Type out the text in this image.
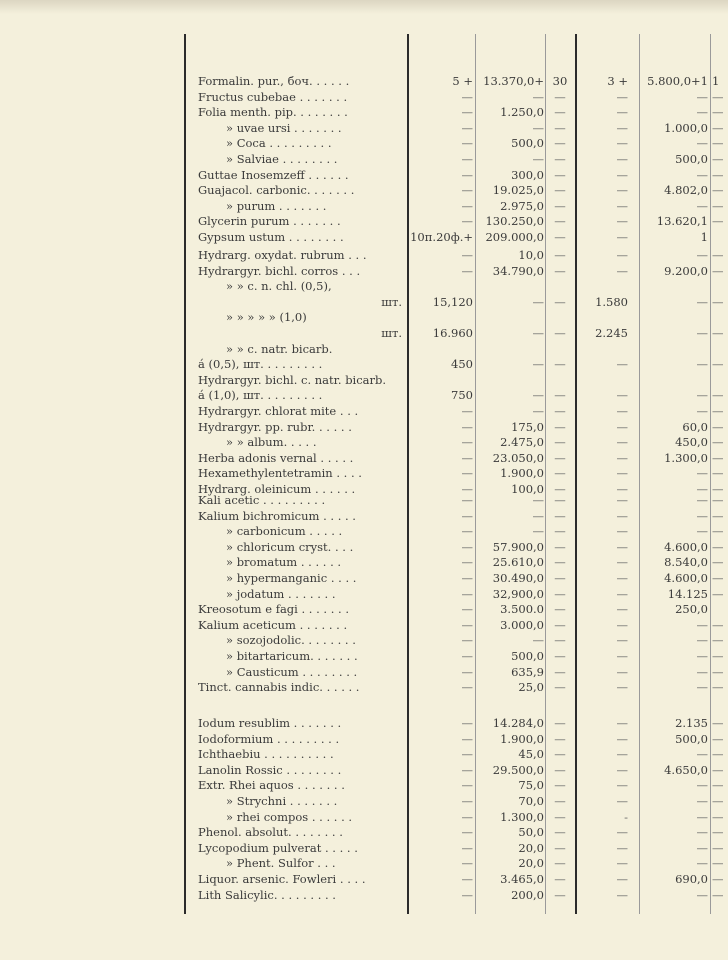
Formalin. pur., боч. . . . . .	5 + 13.370,0+ 30	3 +	5.800,0+1 1
Fructus cubebae . . . . . . .	—	— —	—	— —
Folia menth. pip. . . . . . . .	—	1.250,0 —	—	— —
» uvae ursi . . . . . . .	—	— —	—	1.000,0 —
» Coca . . . . . . . . .	—	500,0 —	—	— —
» Salviae . . . . . . . .	—	— —	—	500,0 —
Guttae Inosemzeff . . . . . .	—	300,0 —	—	— —
Guajacol. carbonic. . . . . . .	—	19.025,0 —	—	4.802,0 —
» purum . . . . . . .	—	2.975,0 —	—	— —
Glycerin purum . . . . . . .	—	130.250,0 —	—	13.620,1 —
Gypsum ustum . . . . . . . .	10п.20ф.+	209.000,0 —	—	1
Hydrarg. oxydat. rubrum . . .	—	10,0 —	—	— —
Hydrargyr. bichl. corros . . .	—	34.790,0 —	—	9.200,0 —
» » c. n. chl. (0,5),
шт.	15,120	— —	1.580	— —
» » » » » (1,0)
шт.	16.960	— —	2.245	— —
» » c. natr. bicarb.
á (0,5), шт. . . . . . . . .	450	— —	—	— —
Hydrargyr. bichl. c. natr. bicarb.
á (1,0), шт. . . . . . . . .	750	— —	—	— —
Hydrargyr. chlorat mite . . .	—	— —	—	— —
Hydrargyr. pp. rubr. . . . . .	—	175,0 —	—	60,0 —
» » album. . . . .	—	2.475,0 —	—	450,0 —
Herba adonis vernal . . . . .	—	23.050,0 —	—	1.300,0 —
Hexamethylentetramin . . . .	—	1.900,0 —	—	— —
Hydrarg. oleinicum . . . . . .	—	100,0 —	—	— —
Kali acetic . . . . . . . . .	—	— —	—	— —
Kalium bichromicum . . . . .	—	— —	—	— —
» carbonicum . . . . .	—	— —	—	— —
» chloricum cryst. . . .	—	57.900,0 —	—	4.600,0 —
» bromatum . . . . . .	—	25.610,0 —	—	8.540,0 —
» hypermanganic . . . .	—	30.490,0 —	—	4.600,0 —
» jodatum . . . . . . .	—	32,900,0 —	—	14.125 —
Kreosotum e fagi . . . . . . .	—	3.500.0 —	—	250,0
Kalium aceticum . . . . . . .	—	3.000,0 —	—	— —
» sozojodolic. . . . . . . .	—	— —	—	— —
» bitartaricum. . . . . . .	—	500,0 —	—	— —
» Causticum . . . . . . . .	—	635,9 —	—	— —
Tinct. cannabis indic. . . . . .	—	25,0 —	—	— —
Iodum resublim . . . . . . .	—	14.284,0 —	—	2.135 —
Iodoformium . . . . . . . . .	—	1.900,0 —	—	500,0 —
Ichthaebiu . . . . . . . . . .	—	45,0 —	—	— —
Lanolin Rossic . . . . . . . .	—	29.500,0 —	—	4.650,0 —
Extr. Rhei aquos . . . . . . .	—	75,0 —	—	— —
» Strychni . . . . . . .	—	70,0 —	—	— —
» rhei compos . . . . . .	—	1.300,0 —	-	— —
Phenol. absolut. . . . . . . .	—	50,0 —	—	— —
Lycopodium pulverat . . . . .	—	20,0 —	—	— —
» Phent. Sulfor . . .	—	20,0 —	—	— —
Liquor. arsenic. Fowleri . . . .	—	3.465,0 —	—	690,0 —
Lith Salicylic. . . . . . . . .	—	200,0 —	—	— —
